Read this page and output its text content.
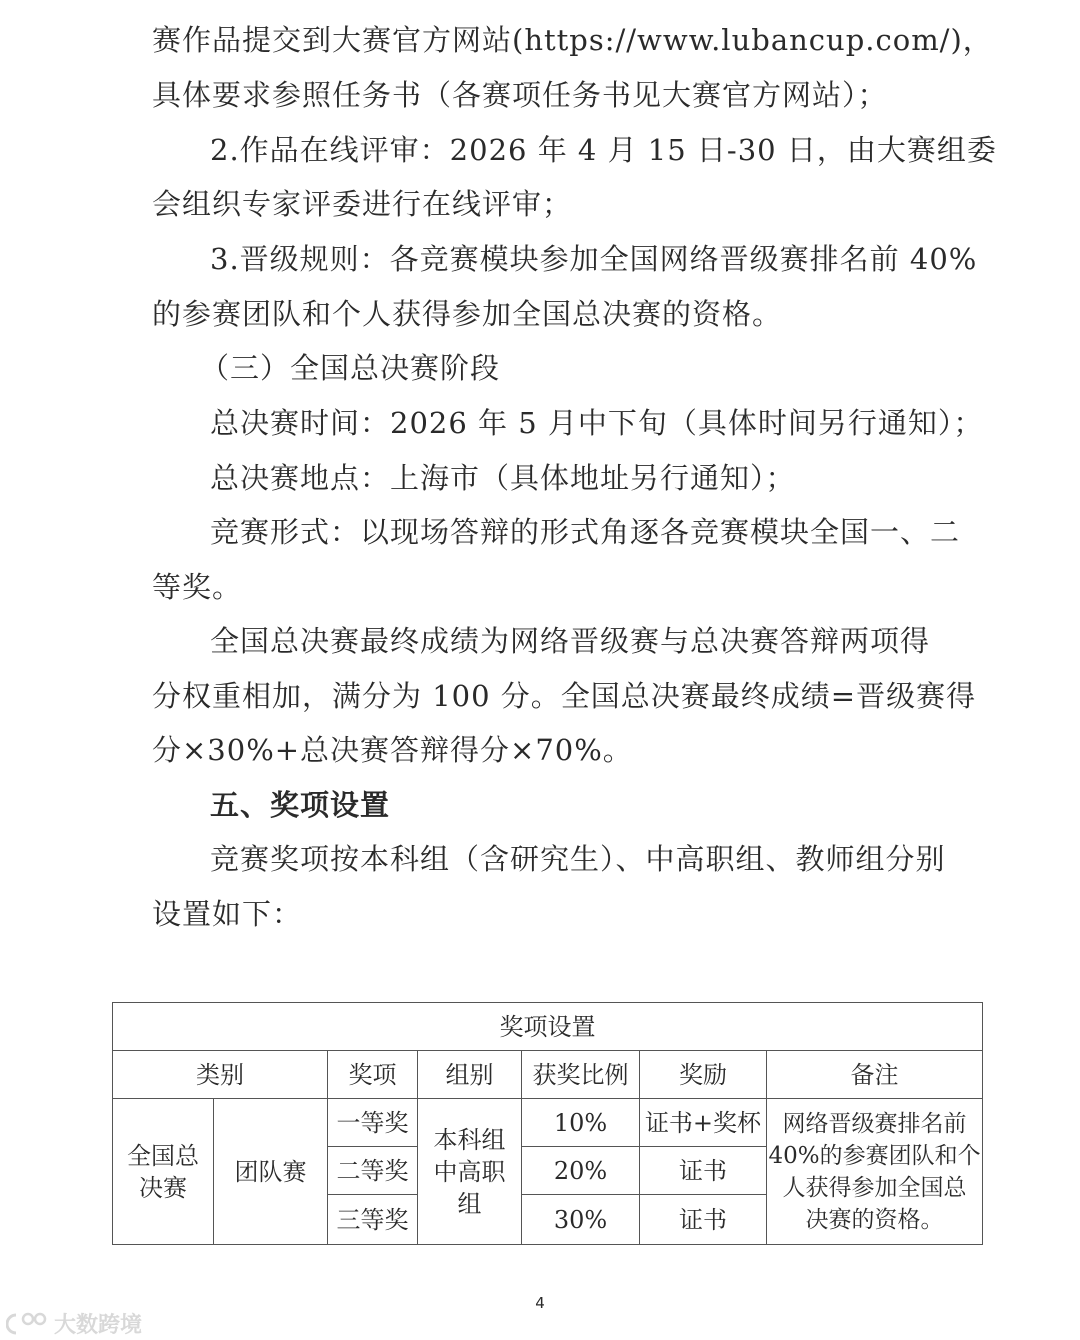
赛作品提交到大赛官方网站(https://www.lubancup.com/)，
具体要求参照任务书（各赛项任务书见大赛官方网站）；
2.作品在线评审：2026 年 4 月 15 日-30 日，由大赛组委
会组织专家评委进行在线评审；
3.晋级规则：各竞赛模块参加全国网络晋级赛排名前 40%
的参赛团队和个人获得参加全国总决赛的资格。
（三）全国总决赛阶段
总决赛时间：2026 年 5 月中下旬（具体时间另行通知）；
总决赛地点：上海市（具体地址另行通知）；
竞赛形式：以现场答辩的形式角逐各竞赛模块全国一、二
等奖。
全国总决赛最终成绩为网络晋级赛与总决赛答辩两项得
分权重相加，满分为 100 分。全国总决赛最终成绩=晋级赛得
分×30%+总决赛答辩得分×70%。
五、奖项设置
竞赛奖项按本科组（含研究生）、中高职组、教师组分别
设置如下：
奖项设置						
类别		奖项	组别	获奖比例	奖励	备注

全国总
决赛	团队赛	一等奖	本科组
中高职
组	10%	证书+奖杯	网络晋级赛排名前
40%的参赛团队和个
人获得参加全国总
决赛的资格。

		二等奖		20%	证书	
		三等奖		30%	证书	
4
大数跨境
